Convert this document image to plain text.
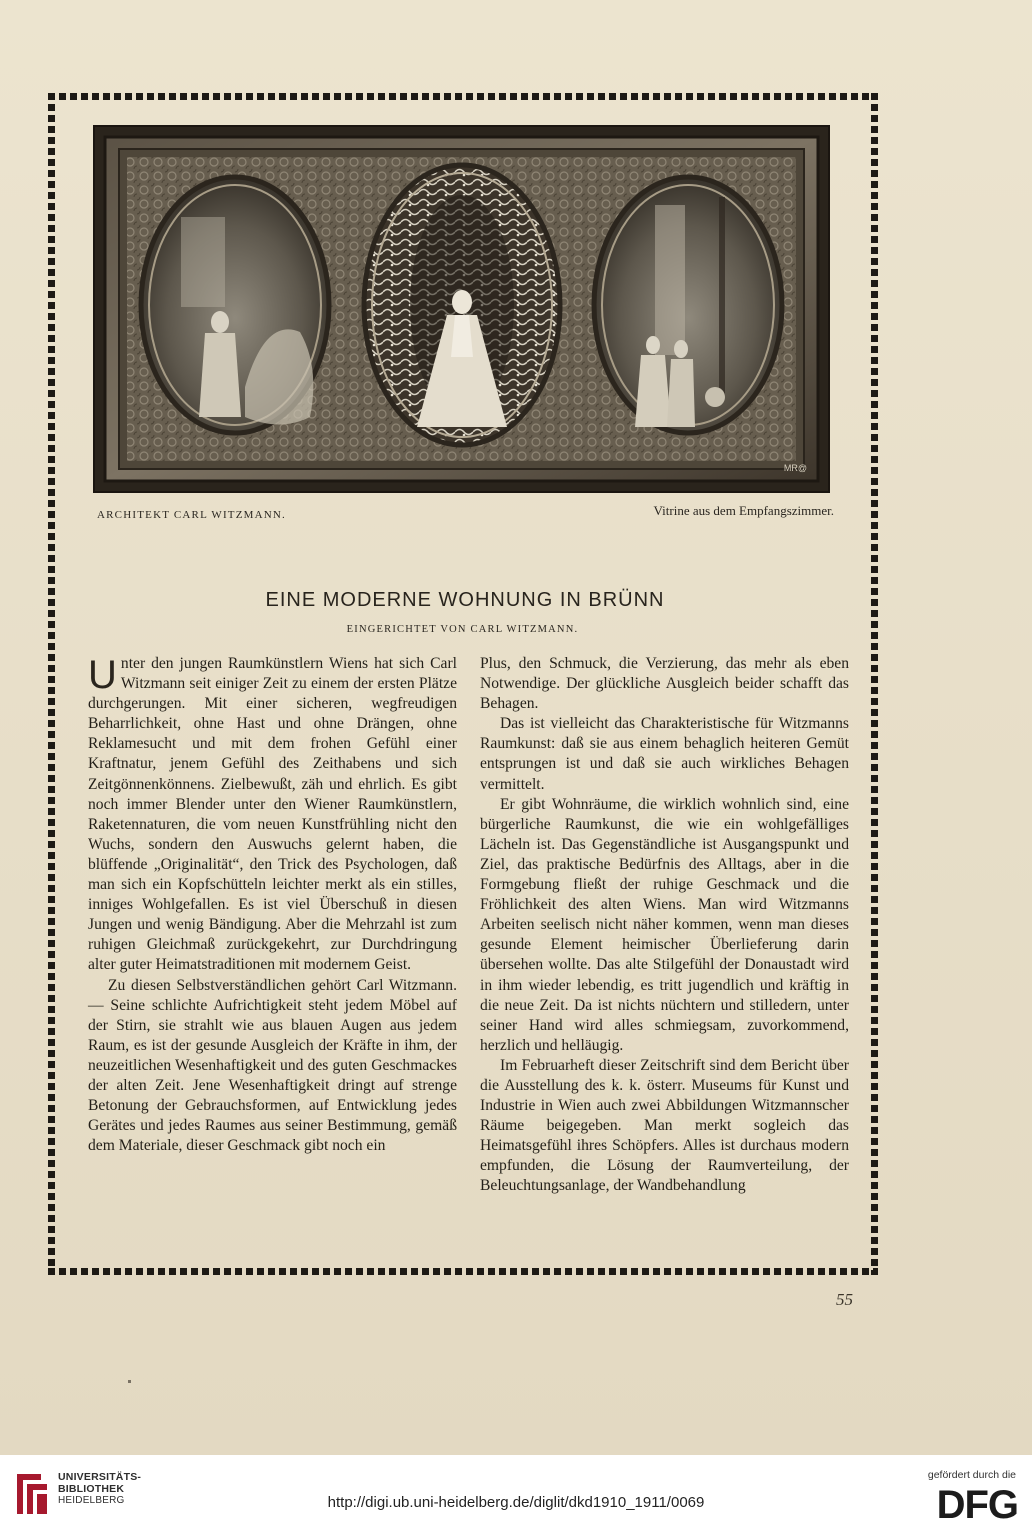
MR@
ARCHITEKT CARL WITZMANN.	Vitrine aus dem Empfangszimmer.
EINE MODERNE WOHNUNG IN BRÜNN
EINGERICHTET VON CARL WITZMANN.

Unter den jungen Raumkünstlern Wiens hat sich Carl Witzmann seit einiger Zeit zu einem der ersten Plätze durchgerungen. Mit einer sicheren, wegfreudigen Beharrlichkeit, ohne Hast und ohne Drängen, ohne Reklamesucht und mit dem frohen Gefühl einer Kraftnatur, jenem Gefühl des Zeithabens und sich Zeitgönnenkönnens. Zielbewußt, zäh und ehrlich. Es gibt noch immer Blender unter den Wiener Raumkünstlern, Raketennaturen, die vom neuen Kunstfrühling nicht den Wuchs, sondern den Auswuchs gelernt haben, die blüffende „Originalität“, den Trick des Psychologen, daß man sich ein Kopfschütteln leichter merkt als ein stilles, inniges Wohlgefallen. Es ist viel Überschuß in diesen Jungen und wenig Bändigung. Aber die Mehrzahl ist zum ruhigen Gleichmaß zurückgekehrt, zur Durchdringung alter guter Heimatstraditionen mit modernem Geist.

Zu diesen Selbstverständlichen gehört Carl Witzmann. — Seine schlichte Aufrichtigkeit steht jedem Möbel auf der Stirn, sie strahlt wie aus blauen Augen aus jedem Raum, es ist der gesunde Ausgleich der Kräfte in ihm, der neuzeitlichen Wesenhaftigkeit und des guten Geschmackes der alten Zeit. Jene Wesenhaftigkeit dringt auf strenge Betonung der Gebrauchsformen, auf Entwicklung jedes Gerätes und jedes Raumes aus seiner Bestimmung, gemäß dem Materiale, dieser Geschmack gibt noch ein

Plus, den Schmuck, die Verzierung, das mehr als eben Notwendige. Der glückliche Ausgleich beider schafft das Behagen.

Das ist vielleicht das Charakteristische für Witzmanns Raumkunst: daß sie aus einem behaglich heiteren Gemüt entsprungen ist und daß sie auch wirkliches Behagen vermittelt.

Er gibt Wohnräume, die wirklich wohnlich sind, eine bürgerliche Raumkunst, die wie ein wohlgefälliges Lächeln ist. Das Gegenständliche ist Ausgangspunkt und Ziel, das praktische Bedürfnis des Alltags, aber in die Formgebung fließt der ruhige Geschmack und die Fröhlichkeit des alten Wiens. Man wird Witzmanns Arbeiten seelisch nicht näher kommen, wenn man dieses gesunde Element heimischer Überlieferung darin übersehen wollte. Das alte Stilgefühl der Donaustadt wird in ihm wieder lebendig, es tritt jugendlich und kräftig in die neue Zeit. Da ist nichts nüchtern und stilledern, unter seiner Hand wird alles schmiegsam, zuvorkommend, herzlich und helläugig.

Im Februarheft dieser Zeitschrift sind dem Bericht über die Ausstellung des k. k. österr. Museums für Kunst und Industrie in Wien auch zwei Abbildungen Witzmannscher Räume beigegeben. Man merkt sogleich das Heimatsgefühl ihres Schöpfers. Alles ist durchaus modern empfunden, die Lösung der Raumverteilung, der Beleuchtungsanlage, der Wandbehandlung

55
UNIVERSITÄTS-
BIBLIOTHEK
HEIDELBERG	http://digi.ub.uni-heidelberg.de/diglit/dkd1910_1911/0069
gefördert durch die
DFG
